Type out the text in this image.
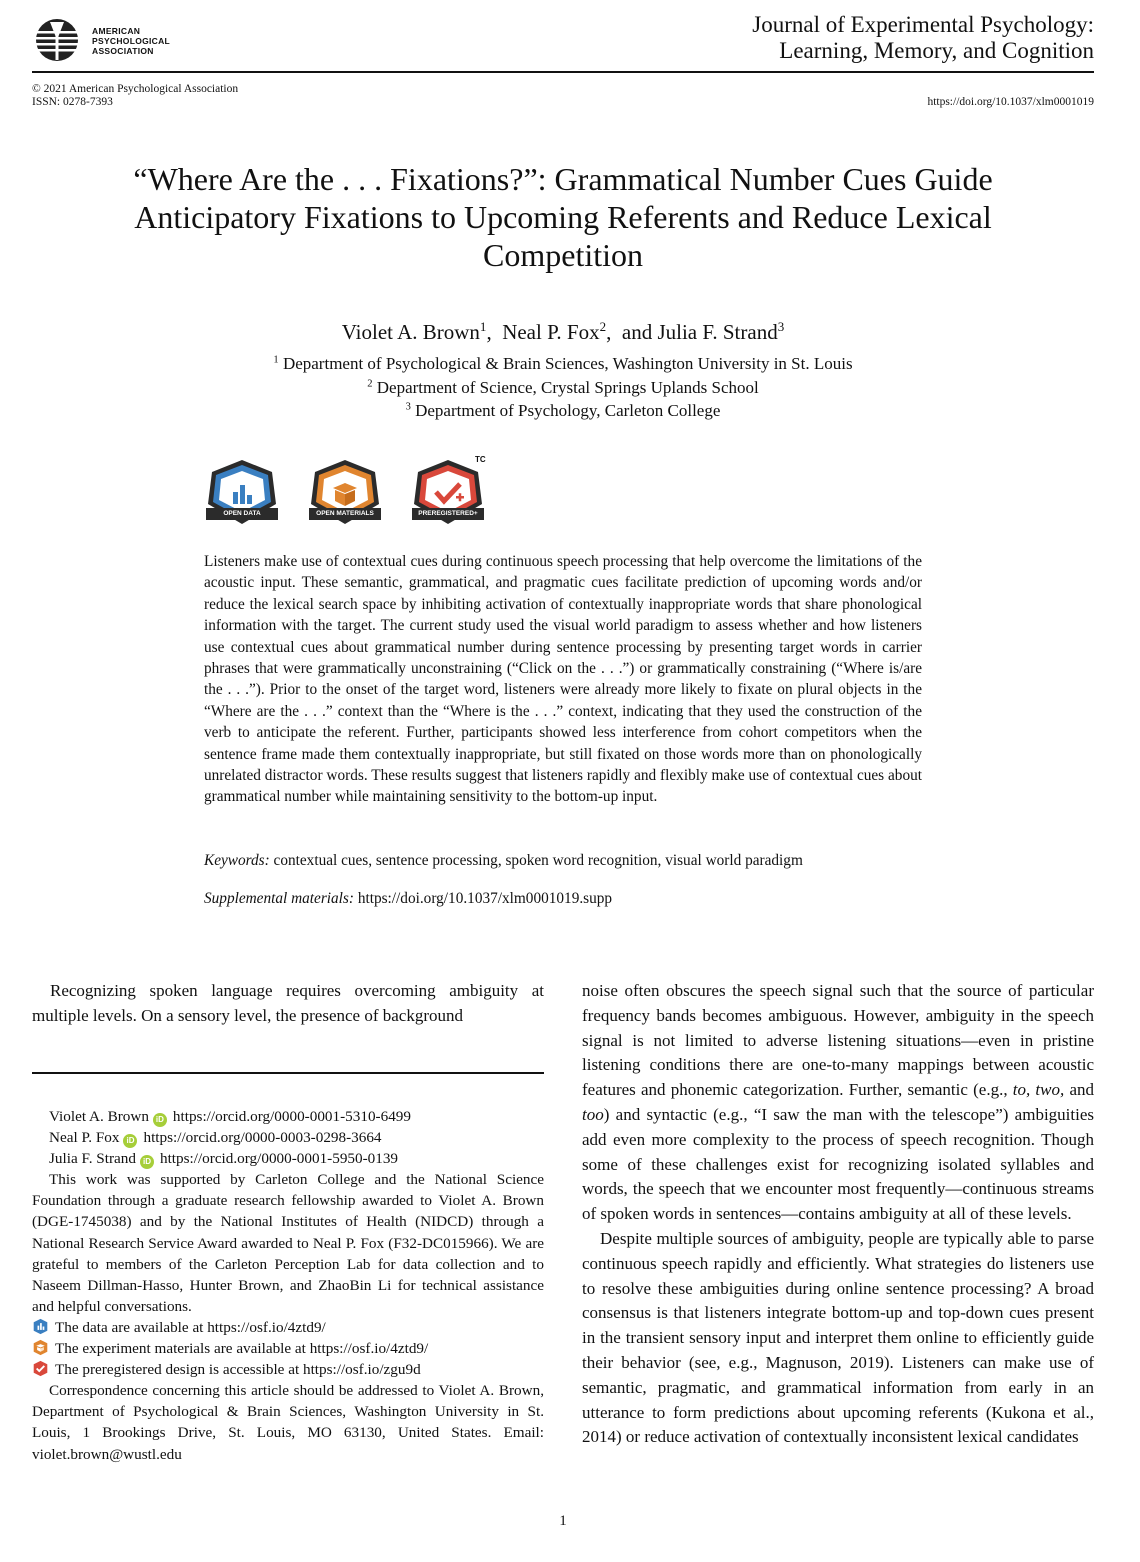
AMERICAN
PSYCHOLOGICAL
ASSOCIATION
Journal of Experimental Psychology:
Learning, Memory, and Cognition
© 2021 American Psychological Association
ISSN: 0278-7393	https://doi.org/10.1037/xlm0001019
“Where Are the . . . Fixations?”: Grammatical Number Cues Guide
Anticipatory Fixations to Upcoming Referents and Reduce Lexical
Competition
Violet A. Brown$^1$,  Neal P. Fox$^2$,  and Julia F. Strand$^3$
$^1$ Department of Psychological & Brain Sciences, Washington University in St. Louis
$^2$ Department of Science, Crystal Springs Uplands School
$^3$ Department of Psychology, Carleton College
OPEN DATA	OPEN MATERIALS	PREREGISTERED+
TC

Listeners make use of contextual cues during continuous speech processing that help overcome the limitations of the acoustic input. These semantic, grammatical, and pragmatic cues facilitate prediction of upcoming words and/or reduce the lexical search space by inhibiting activation of contextually inappropriate words that share phonological information with the target. The current study used the visual world paradigm to assess whether and how listeners use contextual cues about grammatical number during sentence processing by presenting target words in carrier phrases that were grammatically unconstraining (“Click on the . . .”) or grammatically constraining (“Where is/are the . . .”). Prior to the onset of the target word, listeners were already more likely to fixate on plural objects in the “Where are the . . .” context than the “Where is the . . .” context, indicating that they used the construction of the verb to anticipate the referent. Further, participants showed less interference from cohort competitors when the sentence frame made them contextually inappropriate, but still fixated on those words more than on phonologically unrelated distractor words. These results suggest that listeners rapidly and flexibly make use of contextual cues about grammatical number while maintaining sensitivity to the bottom-up input.

Keywords: contextual cues, sentence processing, spoken word recognition, visual world paradigm
Supplemental materials: https://doi.org/10.1037/xlm0001019.supp

Recognizing spoken language requires overcoming ambiguity at multiple levels. On a sensory level, the presence of background

Violet A. Brown iD https://orcid.org/0000-0001-5310-6499
Neal P. Fox iD https://orcid.org/0000-0003-0298-3664
Julia F. Strand iD https://orcid.org/0000-0001-5950-0139
This work was supported by Carleton College and the National Science Foundation through a graduate research fellowship awarded to Violet A. Brown (DGE-1745038) and by the National Institutes of Health (NIDCD) through a National Research Service Award awarded to Neal P. Fox (F32-DC015966). We are grateful to members of the Carleton Perception Lab for data collection and to Naseem Dillman-Hasso, Hunter Brown, and ZhaoBin Li for technical assistance and helpful conversations.
The data are available at https://osf.io/4ztd9/
The experiment materials are available at https://osf.io/4ztd9/
The preregistered design is accessible at https://osf.io/zgu9d
Correspondence concerning this article should be addressed to Violet A. Brown, Department of Psychological & Brain Sciences, Washington University in St. Louis, 1 Brookings Drive, St. Louis, MO 63130, United States. Email: violet.brown@wustl.edu

noise often obscures the speech signal such that the source of particular frequency bands becomes ambiguous. However, ambiguity in the speech signal is not limited to adverse listening situations—even in pristine listening conditions there are one-to-many mappings between acoustic features and phonemic categorization. Further, semantic (e.g., to, two, and too) and syntactic (e.g., “I saw the man with the telescope”) ambiguities add even more complexity to the process of speech recognition. Though some of these challenges exist for recognizing isolated syllables and words, the speech that we encounter most frequently—continuous streams of spoken words in sentences—contains ambiguity at all of these levels.

Despite multiple sources of ambiguity, people are typically able to parse continuous speech rapidly and efficiently. What strategies do listeners use to resolve these ambiguities during online sentence processing? A broad consensus is that listeners integrate bottom-up and top-down cues present in the transient sensory input and interpret them online to efficiently guide their behavior (see, e.g., Magnuson, 2019). Listeners can make use of semantic, pragmatic, and grammatical information from early in an utterance to form predictions about upcoming referents (Kukona et al., 2014) or reduce activation of contextually inconsistent lexical candidates

1
